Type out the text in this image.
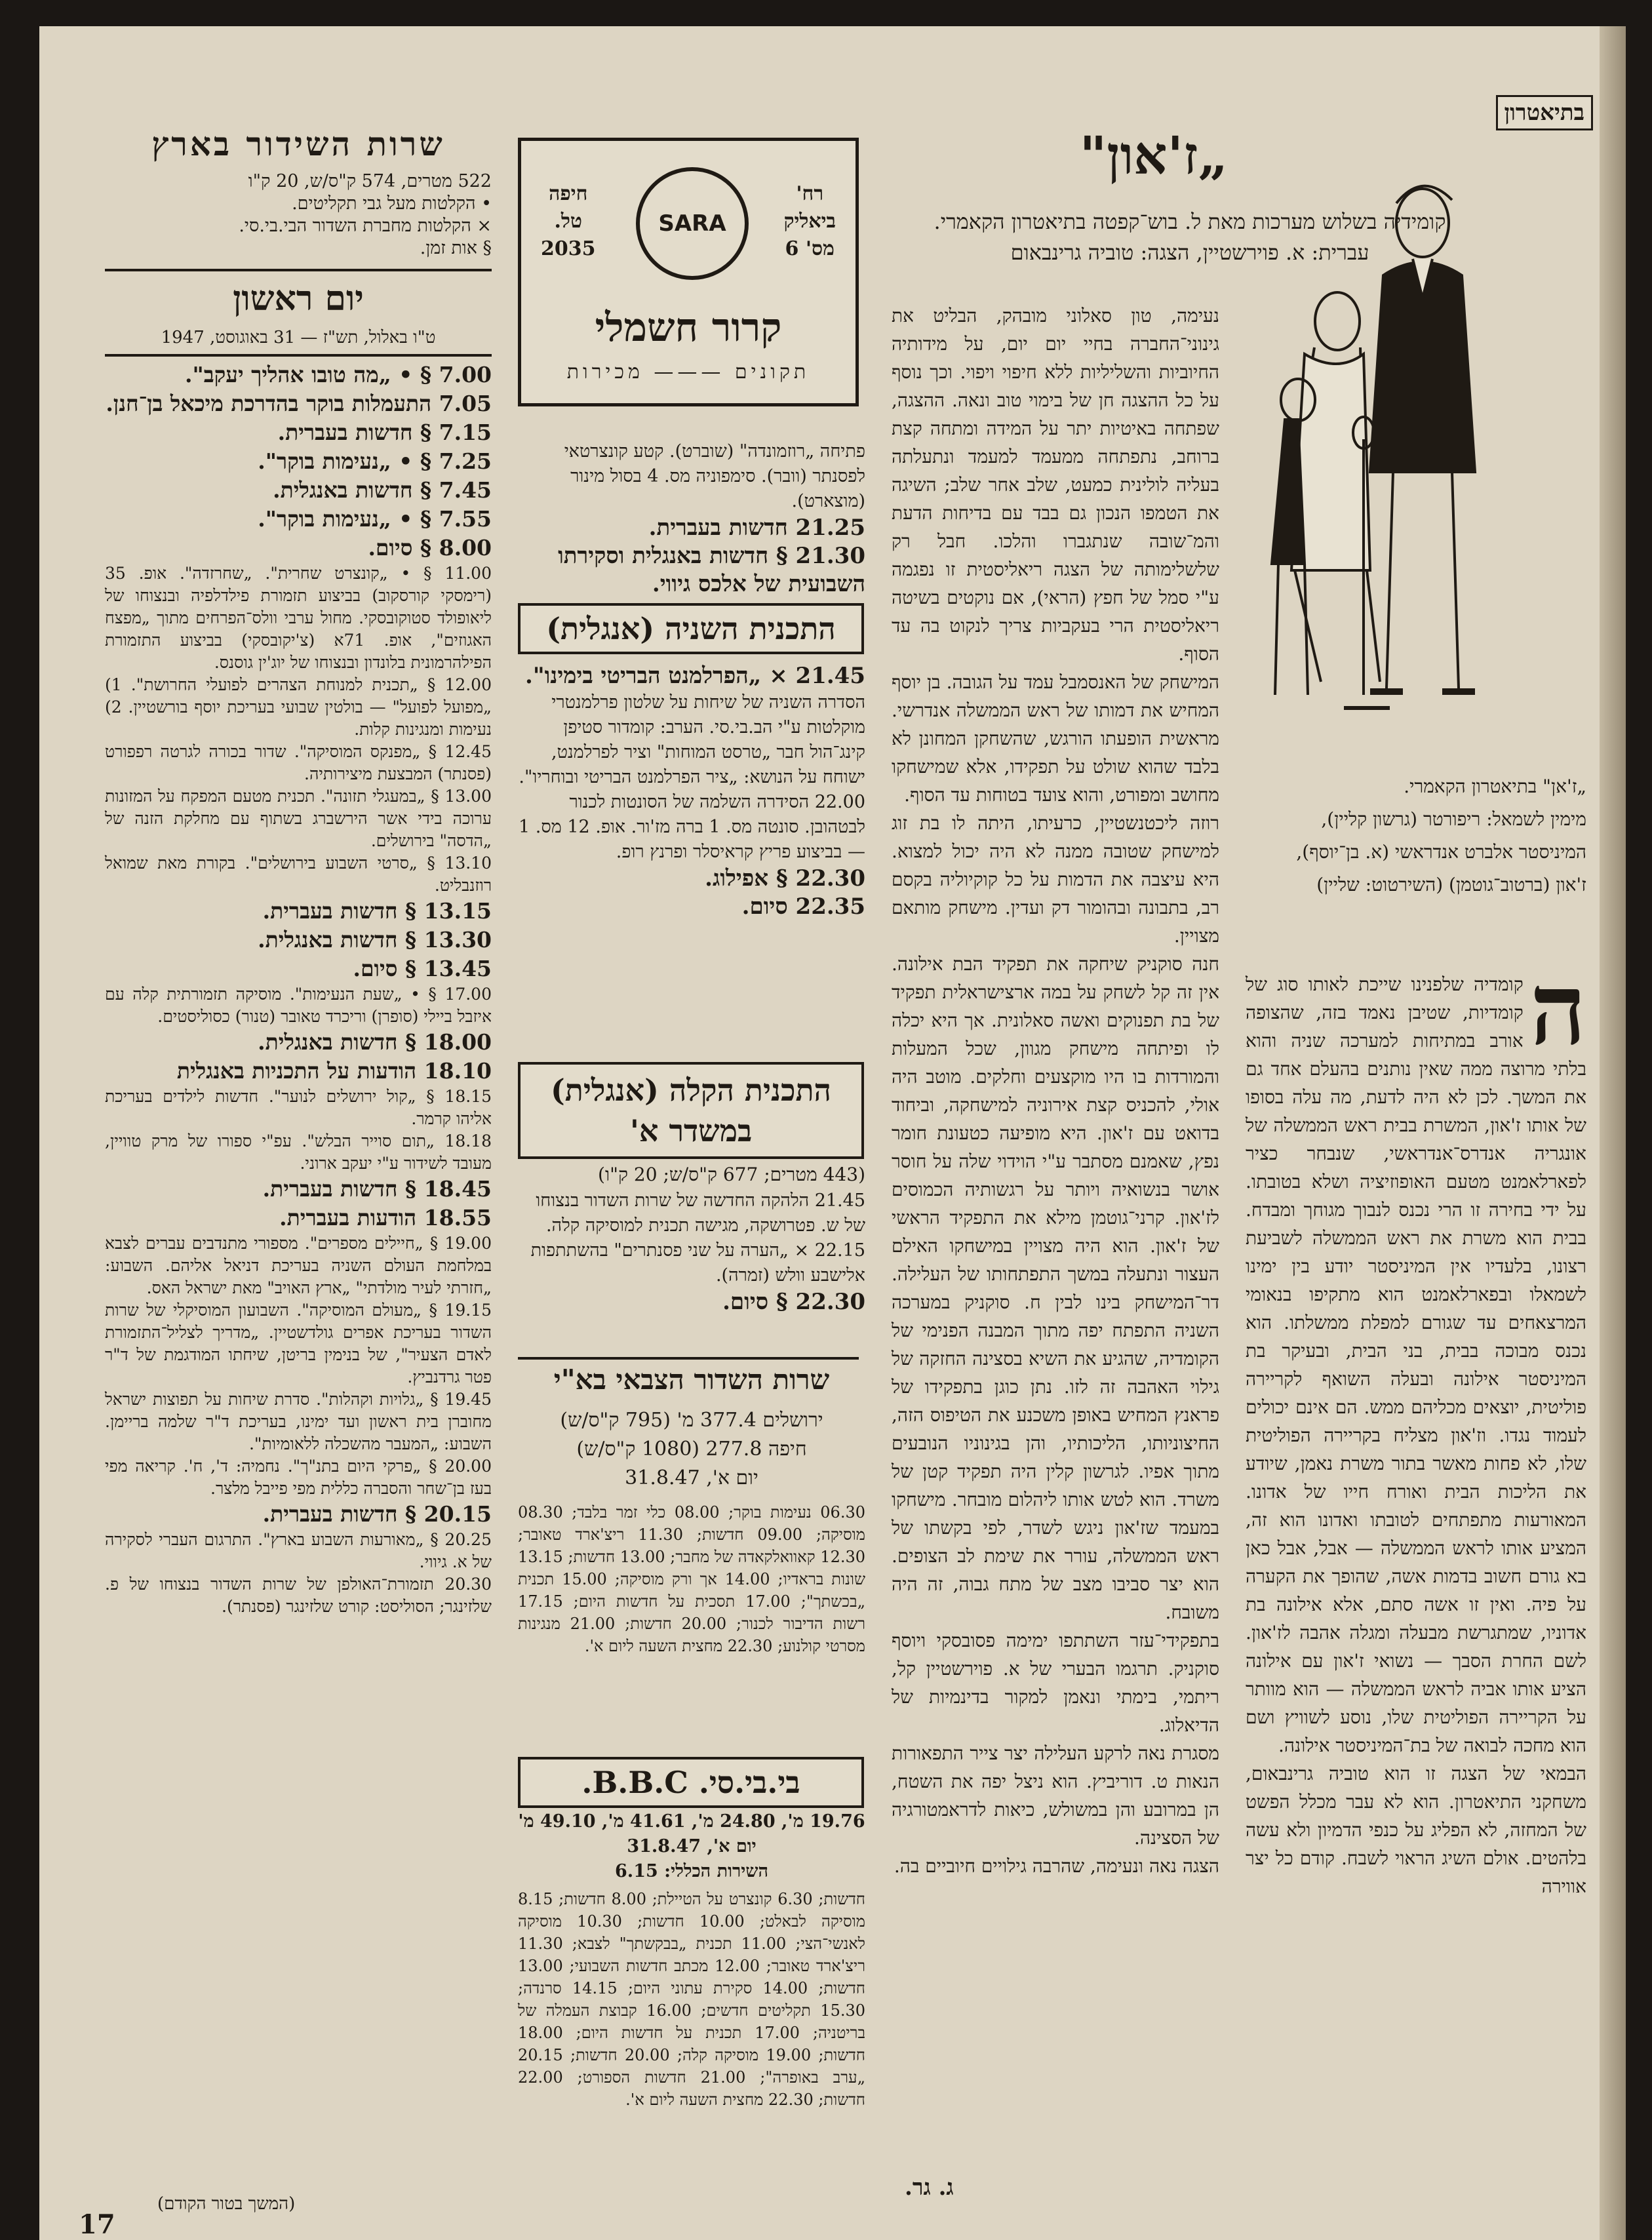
בתיאטרון
„ז'און"

קומידיה בשלוש מערכות מאת ל. בוש־קפטה בתיאטרון הקאמרי.

עברית: א. פוירשטיין, הצגה: טוביה גרינבאום

„ז'אן" בתיאטרון הקאמרי.
מימין לשמאל: ריפורטר (גרשון קליין),
המיניסטר אלברט אנדראשי (א. בן־יוסף),
ז'און (ברטוב־גוטמן) (השירטוט: שליין)
ה

קומדיה שלפנינו שייכת לאותו סוג של קומדיות, שטיבן נאמד בזה, שהצופה אורב במתיחות למערכה שניה והוא בלתי מרוצה ממה שאין נותנים בהעלם אחד גם את המשך. לכן לא היה לדעת, מה עלה בסופו של אותו ז'און, המשרת בבית ראש הממשלה של אונגריה אנדרס־אנדראשי, שנבחר כציר לפארלאמנט מטעם האופוזיציה ושלא בטובתו. על ידי בחירה זו הרי נכנס לנבוך מגוחך ומבדח. בבית הוא משרת את ראש הממשלה לשביעת רצונו, בלעדיו אין המיניסטר יודע בין ימינו לשמאלו ובפארלאמנט הוא מתקיפו בנאומי המרצאחים עד שגורם למפלת ממשלתו. הוא נכנס מבוכה בבית, בני הבית, ובעיקר בת המיניסטר אילונה ובעלה השואף לקריירה פוליטית, יוצאים מכליהם ממש. הם אינם יכולים לעמוד נגדו. וז'און מצליח בקריירה הפוליטית שלו, לא פחות מאשר בתור משרת נאמן, שיודע את הליכות הבית ואורח חייו של אדונו. המאורעות מתפתחים לטובתו ואדונו הוא זה, המציע אותו לראש הממשלה — אבל, אבל כאן בא גורם חשוב בדמות אשה, שהופך את הקערה על פיה. ואין זו אשה סתם, אלא אילונה בת אדוניו, שמתגרשת מבעלה ומגלה אהבה לז'און. לשם החרת הסבך — נשואי ז'און עם אילונה הציע אותו אביה לראש הממשלה — הוא מוותר על הקריירה הפוליטית שלו, נוסע לשוויץ ושם הוא מחכה לבואה של בת־המיניסטר אילונה.
הבמאי של הצגה זו הוא טוביה גרינבאום, משחקני התיאטרון. הוא לא עבר מכלל הפשט של המחזה, לא הפליג על כנפי הדמיון ולא עשה בלהטים. אולם השיג הראוי לשבח. קודם כל יצר אווירה

נעימה, טון סאלוני מובהק, הבליט את גינוני־החברה בחיי יום יום, על מידותיה החיוביות והשליליות ללא חיפוי ויפוי. וכך נוסף על כל ההצגה חן של בימוי טוב ונאה. ההצגה, שפתחה באיטיות יתר על המידה ומתחה קצת ברוחב, נתפתחה ממעמד למעמד ונתעלתה בעליה לולינית כמעט, שלב אחר שלב; השיגה את הטמפו הנכון גם בבד עם בדיחות הדעת והמ־שובה שנתגברו והלכו. חבל רק שלשלימותה של הצגה ריאליסטית זו נפגמה ע"י סמל של חפץ (הראי), אם נוקטים בשיטה ריאליסטית הרי בעקביות צריך לנקוט בה עד הסוף.
המישחק של האנסמבל עמד על הגובה. בן יוסף המחיש את דמותו של ראש הממשלה אנדרשי. מראשית הופעתו הורגש, שהשחקן המחונן לא בלבד שהוא שולט על תפקידו, אלא שמישחקו מחושב ומפורט, והוא צועד בטוחות עד הסוף.
רוזה ליכטנשטיין, כרעיתו, היתה לו בת זוג למישחק שטובה ממנה לא היה יכול למצוא. היא עיצבה את הדמות על כל קוקיוליה בקסם רב, בתבונה ובהומור דק ועדין. מישחק מותאם מצויין.
חנה סוקניק שיחקה את תפקיד הבת אילונה. אין זה קל לשחק על במה ארצישראלית תפקיד של בת תפנוקים ואשה סאלונית. אך היא יכלה לו ופיתחה מישחק מגוון, שכל המעלות והמורדות בו היו מוקצעים וחלקים. מוטב היה אולי, להכניס קצת אירוניה למישחקה, וביחוד בדואט עם ז'און. היא מופיעה כטעונת חומר נפץ, שאמנם מסתבר ע"י הוידוי שלה על חוסר אושר בנשואיה ויותר על רגשותיה הכמוסים לז'און. קרני־גוטמן מילא את התפקיד הראשי של ז'און. הוא היה מצויין במישחקו האילם העצור ונתעלה במשך התפתחותו של העלילה. דר־המישחק בינו לבין ח. סוקניק במערכה השניה התפתח יפה מתוך המבנה הפנימי של הקומדיה, שהגיע את השיא בסצינה החזקה של גילוי האהבה זה לזו. נתן כוגן בתפקידו של פראנץ המחיש באופן משכנע את הטיפוס הזה, החיצוניותו, הליכותיו, והן בגינוניו הנובעים מתוך אפיו. לגרשון קלין היה תפקיד קטן של משרד. הוא לטש אותו ליהלום מובחר. מישחקו במעמד שז'און ניגש לשדר, לפי בקשתו של ראש הממשלה, עורר את שימת לב הצופים. הוא יצר סביבו מצב של מתח גבוה, זה היה משובח.
בתפקידי־עזר השתתפו ימימה פסובסקי ויוסף סוקניק. תרגמו הבערי של א. פוירשטיין קל, ריתמי, בימתי ונאמן למקור בדינמיות של הדיאלוג.
מסגרת נאה לרקע העלילה יצר צייר התפאורות הנאות ט. דוריביץ. הוא ניצל יפה את השטח, הן במרובע והן במשולש, כיאות לדראמטורגיה של הסצינה.
הצגה נאה ונעימה, שהרבה גילויים חיוביים בה.

ג. גר.
רח'
ביאליק
מס' 6
חיפה
טל.
2035
SARA
קרור חשמלי
תקונים ——— מכירות

פתיחה „רוזמונדה" (שוברט). קטע קונצרטאי לפסנתר (וובר). סימפוניה מס. 4 בסול מינור (מוצארט).

21.25 חדשות בעברית.

21.30 § חדשות באנגלית וסקירתו השבועית של אלכס גיווי.

התכנית השניה (אנגלית)

21.45 × „הפרלמנט הבריטי בימינו".

הסדרה השניה של שיחות על שלטון פרלמנטרי מוקלטות ע"י הב.בי.סי. הערב: קומדור סטיפן קינג־הול חבר „טרסט המוחות" וציר לפרלמנט, ישוחח על הנושא: „ציר הפרלמנט הבריטי ובוחריו".

22.00 הסידרה השלמה של הסונטות לכנור לבטהובן. סונטה מס. 1 ברה מז'ור. אופ. 12 מס. 1 — בביצוע פריץ קראיסלר ופרנץ רופ.

22.30 § אפילוג.

22.35 סיום.

התכנית הקלה (אנגלית) במשדר א'

(443 מטרים; 677 ק"ס/ש; 20 ק"ו)

21.45 הלהקה החדשה של שרות השדור בנצוחו של ש. פטרושקה, מגישה תכנית למוסיקה קלה.

22.15 × „הערה על שני פסנתרים" בהשתתפות אלישבע וולש (זמרה).

22.30 § סיום.

שרות השדור הצבאי בא"י
ירושלים 377.4 מ' (795 ק"ס/ש)
חיפה 277.8 (1080 ק"ס/ש)
יום א', 31.8.47

06.30 נעימות בוקר; 08.00 כלי זמר בלבד; 08.30 מוסיקה; 09.00 חדשות; 11.30 ריצ'ארד טאובר; 12.30 קאוואלקאדה של מחבר; 13.00 חדשות; 13.15 שונות בראדיו; 14.00 אך ורק מוסיקה; 15.00 תכנית „בכשתך"; 17.00 תסכית על חדשות היום; 17.15 רשות הדיבור לכנור; 20.00 חדשות; 21.00 מנגינות מסרטי קולנוע; 22.30 מחצית השעה ליום א'.

בי.בי.סי. B.B.C.
19.76 מ', 24.80 מ', 41.61 מ', 49.10 מ'
יום א', 31.8.47
השירות הכללי: 6.15

חדשות; 6.30 קונצרט על הטיילת; 8.00 חדשות; 8.15 מוסיקה לבאלט; 10.00 חדשות; 10.30 מוסיקה לאנשי־הצי; 11.00 תכנית „בבקשתך" לצבא; 11.30 ריצ'ארד טאובר; 12.00 מכתב חדשות השבועי; 13.00 חדשות; 14.00 סקירת עתוני היום; 14.15 סרנדה; 15.30 תקליטים חדשים; 16.00 קבוצת העמלה של בריטניה; 17.00 תכנית על חדשות היום; 18.00 חדשות; 19.00 מוסיקה קלה; 20.00 חדשות; 20.15 „ערב באופרה"; 21.00 חדשות הספורט; 22.00 חדשות; 22.30 מחצית השעה ליום א'.

שרות השידור בארץ
522 מטרים, 574 ק"ס/ש, 20 ק"ו
• הקלטות מעל גבי תקליטים.
× הקלטות מחברת השדור הבי.בי.סי.
§ אות זמן.
יום ראשון
ט"ו באלול, תש"ז — 31 באוגוסט, 1947

7.00 § • „מה טובו אהליך יעקב".

7.05 התעמלות בוקר בהדרכת מיכאל בן־חנן.

7.15 § חדשות בעברית.

7.25 § • „נעימות בוקר".

7.45 § חדשות באנגלית.

7.55 § • „נעימות בוקר".

8.00 § סיום.

11.00 § • „קונצרט שחרית". „שחרזדה". אופ. 35 (רימסקי קורסקוב) בביצוע תזמורת פילדלפיה ובנצוחו של ליאופולד סטוקובסקי. מחול ערבי וולס־הפרחים מתוך „מפצח האגוזים", אופ. 71א (צ'יקובסקי) בביצוע התזמורת הפילהרמונית בלונדון ובנצוחו של יוג'ין גוסנס.

12.00 § „תכנית למנוחת הצהרים לפועלי החרושת". 1) „מפועל לפועל" — בולטין שבועי בעריכת יוסף בורשטיין. 2) נעימות ומנגינות קלות.

12.45 § „מפנקס המוסיקה". שדור בכורה לגרטה רפפורט (פסנתר) המבצעת מיצירותיה.

13.00 § „במעגלי תזונה". תכנית מטעם המפקח על המזונות ערוכה בידי אשר הירשברג בשתוף עם מחלקת הזנה של „הדסה" בירושלים.

13.10 § „סרטי השבוע בירושלים". בקורת מאת שמואל רוזנבליט.

13.15 § חדשות בעברית.

13.30 § חדשות באנגלית.

13.45 § סיום.

17.00 § • „שעת הנעימות". מוסיקה תזמורתית קלה עם איזבל ביילי (סופרן) וריכרד טאובר (טנור) כסוליסטים.

18.00 § חדשות באנגלית.

18.10 הודעות על התכניות באנגלית

18.15 § „קול ירושלים לנוער". חדשות לילדים בעריכת אליהו קרמר.

18.18 „תום סוייר הבלש". עפ"י ספורו של מרק טוויין, מעובד לשידור ע"י יעקב ארוני.

18.45 § חדשות בעברית.

18.55 הודעות בעברית.

19.00 § „חיילים מספרים". מספורי מתנדבים עברים לצבא במלחמת העולם השניה בעריכת דניאל אליהם. השבוע: „חזרתי לעיר מולדתי" „ארץ האויב" מאת ישראל האס.

19.15 § „מעולם המוסיקה". השבועון המוסיקלי של שרות השדור בעריכת אפרים גולדשטיין. „מדריך לצליל־התזמורת לאדם הצעיר", של בנימין בריטן, שיחתו המודגמת של ד"ר פטר גרדנביץ.

19.45 § „גלויות וקהלות". סדרת שיחות על תפוצות ישראל מחוברן בית ראשון ועד ימינו, בעריכת ד"ר שלמה בריימן. השבוע: „המעבר מהשכלה ללאומיות".

20.00 § „פרקי היום בתנ"ך". נחמיה: ד', ח'. קריאה מפי בעז בן־שחר והסברה כללית מפי פייבל מלצר.

20.15 § חדשות בעברית.

20.25 § „מאורעות השבוע בארץ". התרגום העברי לסקירה של א. גיווי.

20.30 תזמורת־האולפן של שרות השדור בנצוחו של פ. שלזינגר; הסוליסט: קורט שלזינגר (פסנתר).

(המשך בטור הקודם)
17
